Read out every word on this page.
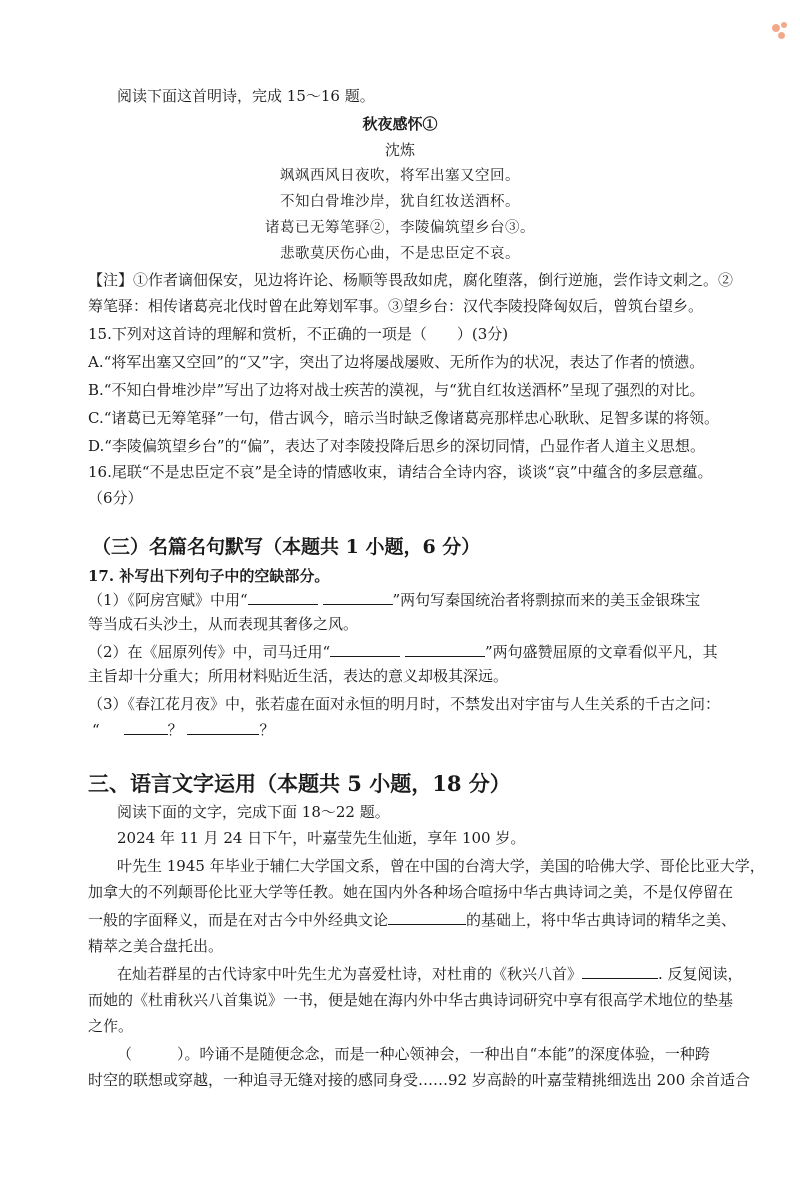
阅读下面这首明诗，完成 15～16 题。
秋夜感怀①
沈炼
飒飒西风日夜吹，将军出塞又空回。
不知白骨堆沙岸，犹自红妆送酒杯。
诸葛已无筹笔驿②，李陵偏筑望乡台③。
悲歌莫厌伤心曲，不是忠臣定不哀。
【注】①作者谪佃保安，见边将许论、杨顺等畏敌如虎，腐化堕落，倒行逆施，尝作诗文刺之。②
筹笔驿：相传诸葛亮北伐时曾在此筹划军事。③望乡台：汉代李陵投降匈奴后，曾筑台望乡。
15.下列对这首诗的理解和赏析，不正确的一项是（　　）(3分)
A.“将军出塞又空回”的“又”字，突出了边将屡战屡败、无所作为的状况，表达了作者的愤懑。
B.“不知白骨堆沙岸”写出了边将对战士疾苦的漠视，与“犹自红妆送酒杯”呈现了强烈的对比。
C.“诸葛已无筹笔驿”一句，借古讽今，暗示当时缺乏像诸葛亮那样忠心耿耿、足智多谋的将领。
D.“李陵偏筑望乡台”的“偏”，表达了对李陵投降后思乡的深切同情，凸显作者人道主义思想。
16.尾联“不是忠臣定不哀”是全诗的情感收束，请结合全诗内容，谈谈“哀”中蕴含的多层意蕴。
（6分）
（三）名篇名句默写（本题共 1 小题，6 分）
17. 补写出下列句子中的空缺部分。
（1）《阿房宫赋》中用“	”两句写秦国统治者将剽掠而来的美玉金银珠宝
等当成石头沙土，从而表现其奢侈之风。
（2）在《屈原列传》中，司马迁用“	”两句盛赞屈原的文章看似平凡，其
主旨却十分重大；所用材料贴近生活，表达的意义却极其深远。
（3）《春江花月夜》中，张若虚在面对永恒的明月时，不禁发出对宇宙与人生关系的千古之问：
“	？	？
三、语言文字运用（本题共 5 小题，18 分）
阅读下面的文字，完成下面 18～22 题。
2024 年 11 月 24 日下午，叶嘉莹先生仙逝，享年 100 岁。
叶先生 1945 年毕业于辅仁大学国文系，曾在中国的台湾大学，美国的哈佛大学、哥伦比亚大学，
加拿大的不列颠哥伦比亚大学等任教。她在国内外各种场合喧扬中华古典诗词之美，不是仅停留在
一般的字面释义，而是在对古今中外经典文论	的基础上，将中华古典诗词的精华之美、
精萃之美合盘托出。
在灿若群星的古代诗家中叶先生尤为喜爱杜诗，对杜甫的《秋兴八首》	. 反复阅读，
而她的《杜甫秋兴八首集说》一书，便是她在海内外中华古典诗词研究中享有很高学术地位的垫基
之作。
（　　　）。吟诵不是随便念念，而是一种心领神会，一种出自“本能”的深度体验，一种跨
时空的联想或穿越，一种追寻无缝对接的感同身受……92 岁高龄的叶嘉莹精挑细选出 200 余首适合
